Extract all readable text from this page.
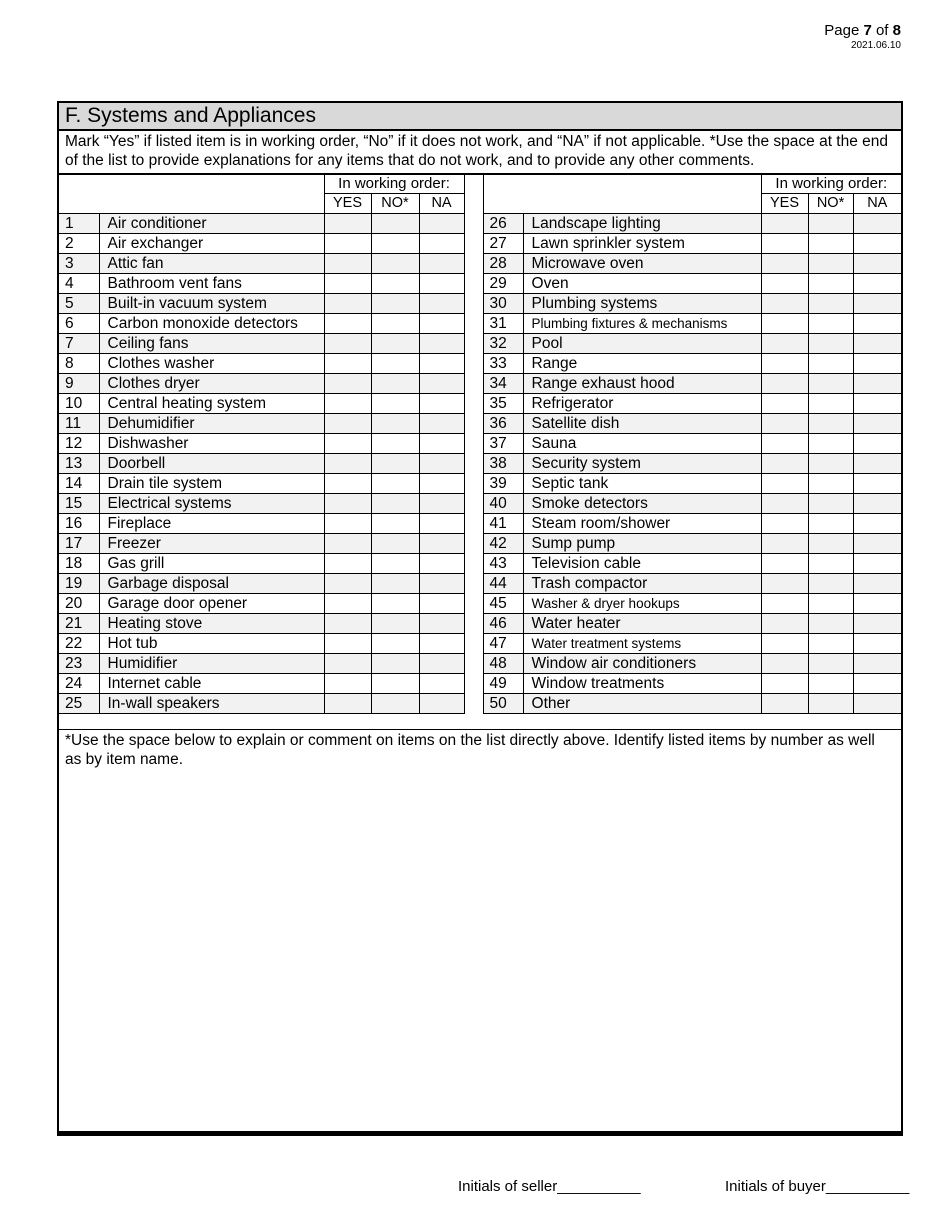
Page 7 of 8
2021.06.10
F. Systems and Appliances
Mark “Yes” if listed item is in working order, “No” if it does not work, and “NA” if not applicable. *Use the space at the end of the list to provide explanations for any items that do not work, and to provide any other comments.
		In working order:						In working order:		
		YES	NO*	NA				YES	NO*	NA
1	Air conditioner					26	Landscape lighting			
2	Air exchanger					27	Lawn sprinkler system			
3	Attic fan					28	Microwave oven			
4	Bathroom vent fans					29	Oven			
5	Built-in vacuum system					30	Plumbing systems			
6	Carbon monoxide detectors					31	Plumbing fixtures & mechanisms			
7	Ceiling fans					32	Pool			
8	Clothes washer					33	Range			
9	Clothes dryer					34	Range exhaust hood			
10	Central heating system					35	Refrigerator			
11	Dehumidifier					36	Satellite dish			
12	Dishwasher					37	Sauna			
13	Doorbell					38	Security system			
14	Drain tile system					39	Septic tank			
15	Electrical systems					40	Smoke detectors			
16	Fireplace					41	Steam room/shower			
17	Freezer					42	Sump pump			
18	Gas grill					43	Television cable			
19	Garbage disposal					44	Trash compactor			
20	Garage door opener					45	Washer & dryer hookups			
21	Heating stove					46	Water heater			
22	Hot tub					47	Water treatment systems			
23	Humidifier					48	Window air conditioners			
24	Internet cable					49	Window treatments			
25	In-wall speakers					50	Other			
*Use the space below to explain or comment on items on the list directly above. Identify listed items by number as well as by item name.
Initials of seller__________	Initials of buyer__________
